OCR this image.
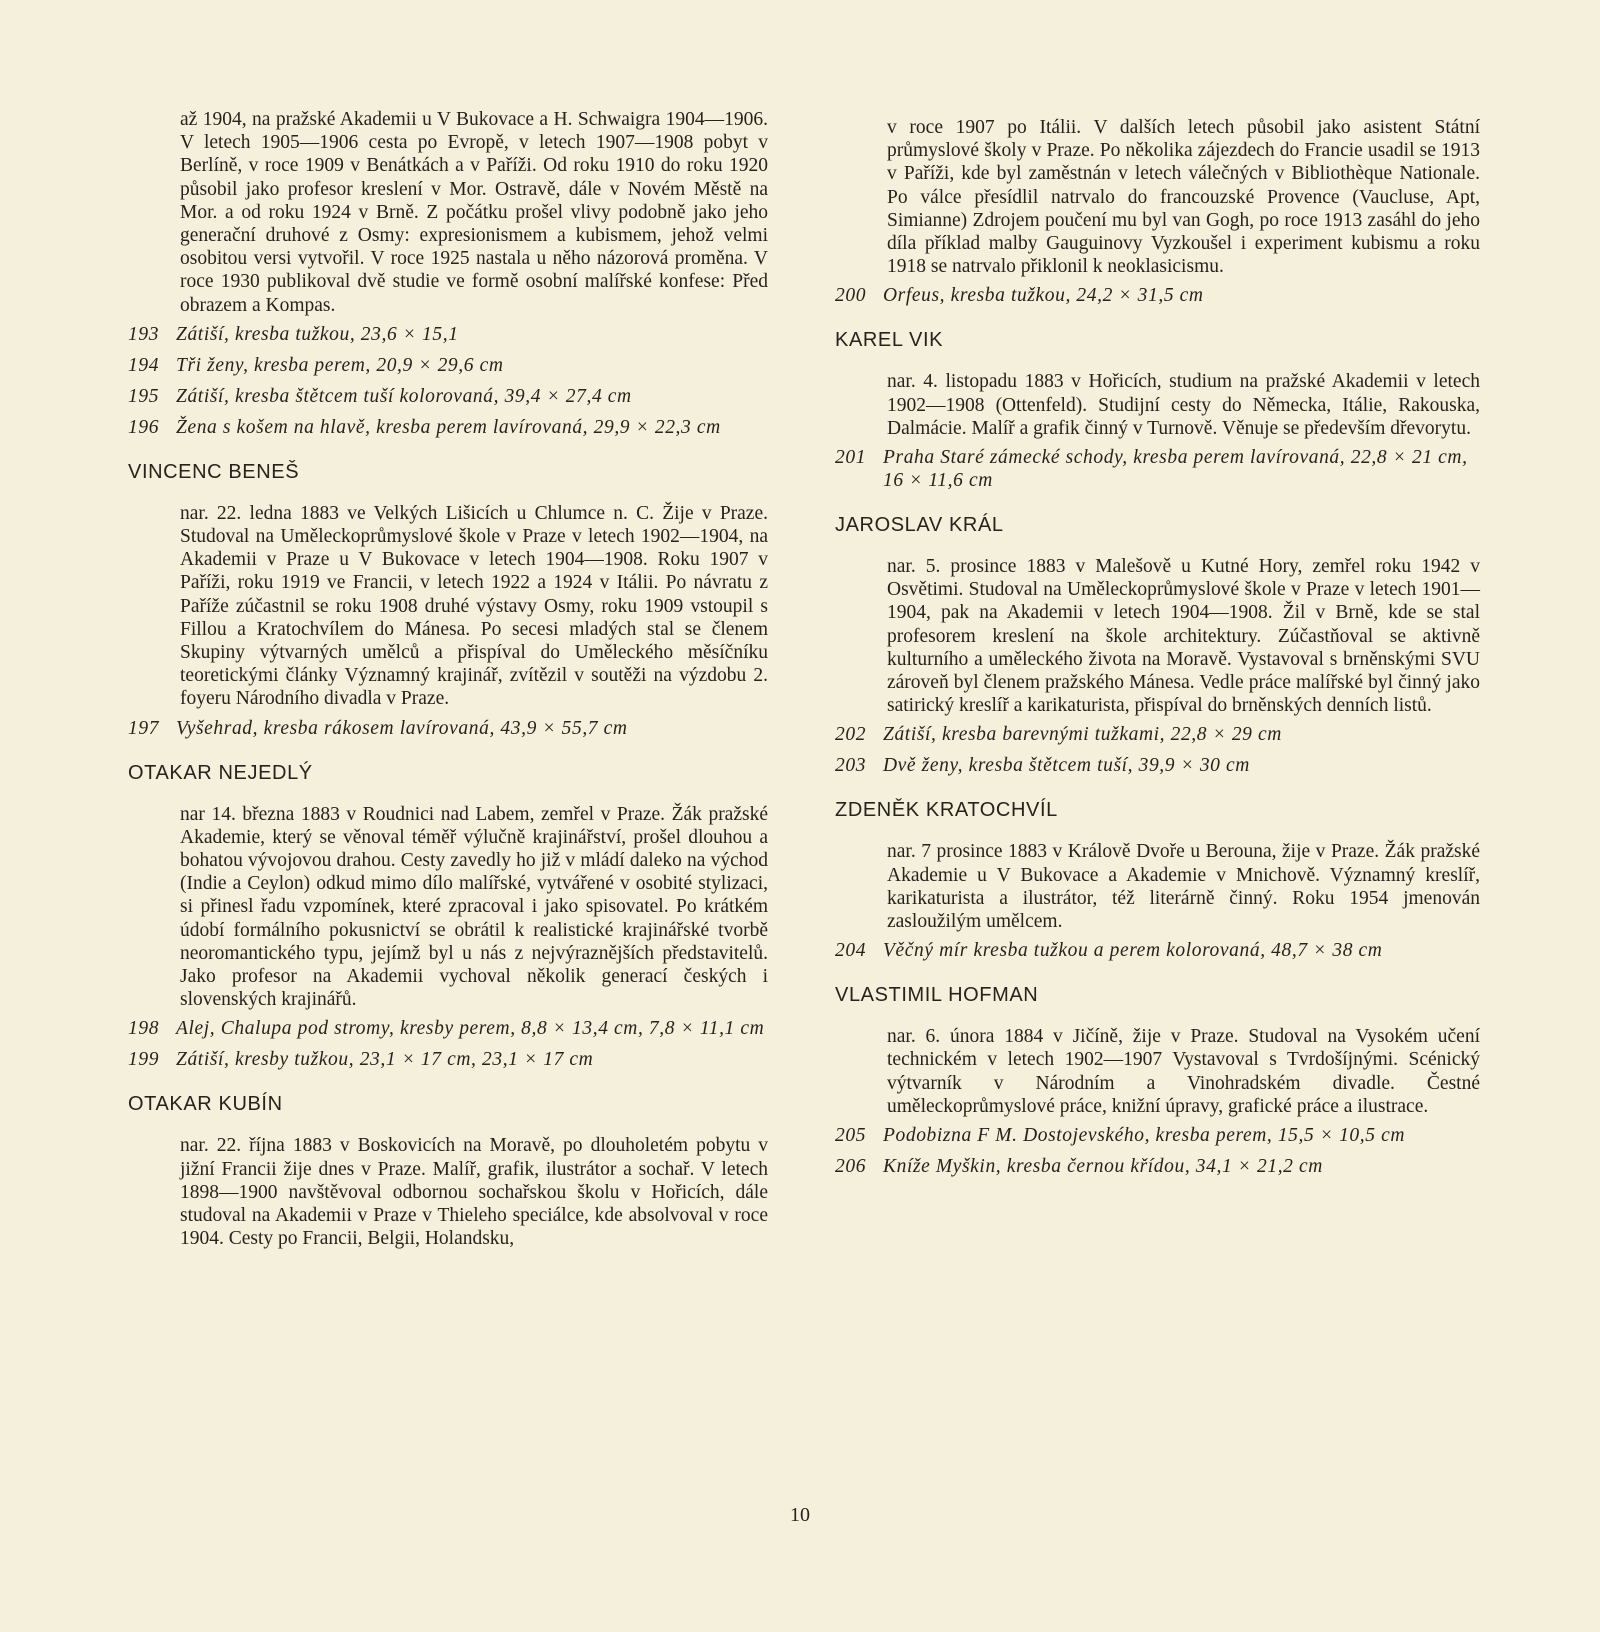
až 1904, na pražské Akademii u V Bukovace a H. Schwaigra 1904—1906. V letech 1905—1906 cesta po Evropě, v letech 1907—1908 pobyt v Berlíně, v roce 1909 v Benátkách a v Paříži. Od roku 1910 do roku 1920 působil jako profesor kreslení v Mor. Ostravě, dále v Novém Městě na Mor. a od roku 1924 v Brně. Z počátku prošel vlivy podobně jako jeho generační druhové z Osmy: expresionismem a kubismem, jehož velmi osobitou versi vytvořil. V roce 1925 nastala u něho názorová proměna. V roce 1930 publikoval dvě studie ve formě osobní malířské konfese: Před obrazem a Kompas.

193 Zátiší, kresba tužkou, 23,6 × 15,1
194 Tři ženy, kresba perem, 20,9 × 29,6 cm
195 Zátiší, kresba štětcem tuší kolorovaná, 39,4 × 27,4 cm
196 Žena s košem na hlavě, kresba perem lavírovaná, 29,9 × 22,3 cm
VINCENC BENEŠ

nar. 22. ledna 1883 ve Velkých Lišicích u Chlumce n. C. Žije v Praze. Studoval na Uměleckoprůmyslové škole v Praze v letech 1902—1904, na Akademii v Praze u V Bukovace v letech 1904—1908. Roku 1907 v Paříži, roku 1919 ve Francii, v letech 1922 a 1924 v Itálii. Po návratu z Paříže zúčastnil se roku 1908 druhé výstavy Osmy, roku 1909 vstoupil s Fillou a Kratochvílem do Mánesa. Po secesi mladých stal se členem Skupiny výtvarných umělců a přispíval do Uměleckého měsíčníku teoretickými články Významný krajinář, zvítězil v soutěži na výzdobu 2. foyeru Národního divadla v Praze.

197 Vyšehrad, kresba rákosem lavírovaná, 43,9 × 55,7 cm
OTAKAR NEJEDLÝ

nar 14. března 1883 v Roudnici nad Labem, zemřel v Praze. Žák pražské Akademie, který se věnoval téměř výlučně krajinářství, prošel dlouhou a bohatou vývojovou drahou. Cesty zavedly ho již v mládí daleko na východ (Indie a Ceylon) odkud mimo dílo malířské, vytvářené v osobité stylizaci, si přinesl řadu vzpomínek, které zpracoval i jako spisovatel. Po krátkém údobí formálního pokusnictví se obrátil k realistické krajinářské tvorbě neoromantického typu, jejímž byl u nás z nejvýraznějších představitelů. Jako profesor na Akademii vychoval několik generací českých i slovenských krajinářů.

198 Alej, Chalupa pod stromy, kresby perem, 8,8 × 13,4 cm, 7,8 × 11,1 cm
199 Zátiší, kresby tužkou, 23,1 × 17 cm, 23,1 × 17 cm
OTAKAR KUBÍN

nar. 22. října 1883 v Boskovicích na Moravě, po dlouholetém pobytu v jižní Francii žije dnes v Praze. Malíř, grafik, ilustrátor a sochař. V letech 1898—1900 navštěvoval odbornou sochařskou školu v Hořicích, dále studoval na Akademii v Praze v Thieleho speciálce, kde absolvoval v roce 1904. Cesty po Francii, Belgii, Holandsku,

v roce 1907 po Itálii. V dalších letech působil jako asistent Státní průmyslové školy v Praze. Po několika zájezdech do Francie usadil se 1913 v Paříži, kde byl zaměstnán v letech válečných v Bibliothèque Nationale. Po válce přesídlil natrvalo do francouzské Provence (Vaucluse, Apt, Simianne) Zdrojem poučení mu byl van Gogh, po roce 1913 zasáhl do jeho díla příklad malby Gauguinovy Vyzkoušel i experiment kubismu a roku 1918 se natrvalo přiklonil k neoklasicismu.

200 Orfeus, kresba tužkou, 24,2 × 31,5 cm
KAREL VIK

nar. 4. listopadu 1883 v Hořicích, studium na pražské Akademii v letech 1902—1908 (Ottenfeld). Studijní cesty do Německa, Itálie, Rakouska, Dalmácie. Malíř a grafik činný v Turnově. Věnuje se především dřevorytu.

201 Praha Staré zámecké schody, kresba perem lavírovaná, 22,8 × 21 cm, 16 × 11,6 cm
JAROSLAV KRÁL

nar. 5. prosince 1883 v Malešově u Kutné Hory, zemřel roku 1942 v Osvětimi. Studoval na Uměleckoprůmyslové škole v Praze v letech 1901—1904, pak na Akademii v letech 1904—1908. Žil v Brně, kde se stal profesorem kreslení na škole architektury. Zúčastňoval se aktivně kulturního a uměleckého života na Moravě. Vystavoval s brněnskými SVU zároveň byl členem pražského Mánesa. Vedle práce malířské byl činný jako satirický kreslíř a karikaturista, přispíval do brněnských denních listů.

202 Zátiší, kresba barevnými tužkami, 22,8 × 29 cm
203 Dvě ženy, kresba štětcem tuší, 39,9 × 30 cm
ZDENĚK KRATOCHVÍL

nar. 7 prosince 1883 v Králově Dvoře u Berouna, žije v Praze. Žák pražské Akademie u V Bukovace a Akademie v Mnichově. Významný kreslíř, karikaturista a ilustrátor, též literárně činný. Roku 1954 jmenován zasloužilým umělcem.

204 Věčný mír kresba tužkou a perem kolorovaná, 48,7 × 38 cm
VLASTIMIL HOFMAN

nar. 6. února 1884 v Jičíně, žije v Praze. Studoval na Vysokém učení technickém v letech 1902—1907 Vystavoval s Tvrdošíjnými. Scénický výtvarník v Národním a Vinohradském divadle. Čestné uměleckoprůmyslové práce, knižní úpravy, grafické práce a ilustrace.

205 Podobizna F M. Dostojevského, kresba perem, 15,5 × 10,5 cm
206 Kníže Myškin, kresba černou křídou, 34,1 × 21,2 cm
10
